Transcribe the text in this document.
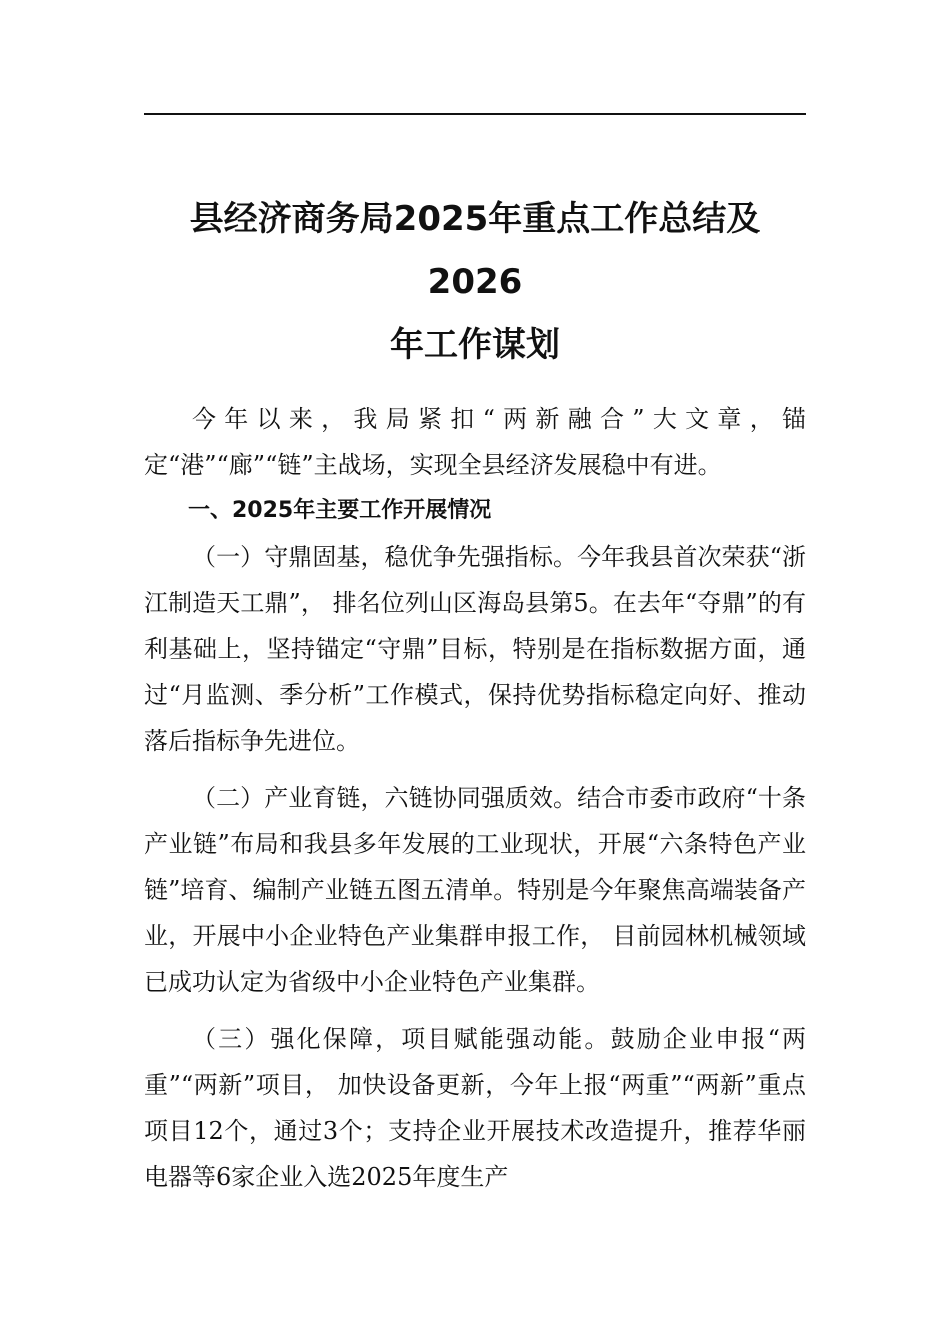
县经济商务局2025年重点工作总结及2026
年工作谋划

今年以来，我局紧扣“两新融合”大文章，锚定“港”“廊”“链”主战场，实现全县经济发展稳中有进。

一、2025年主要工作开展情况

（一）守鼎固基，稳优争先强指标。今年我县首次荣获“浙江制造天工鼎”， 排名位列山区海岛县第5。在去年“夺鼎”的有利基础上，坚持锚定“守鼎”目标，特别是在指标数据方面，通过“月监测、季分析”工作模式，保持优势指标稳定向好、推动落后指标争先进位。

（二）产业育链，六链协同强质效。结合市委市政府“十条产业链”布局和我县多年发展的工业现状，开展“六条特色产业链”培育、编制产业链五图五清单。特别是今年聚焦高端装备产业，开展中小企业特色产业集群申报工作， 目前园林机械领域已成功认定为省级中小企业特色产业集群。

（三）强化保障，项目赋能强动能。鼓励企业申报“两重”“两新”项目， 加快设备更新，今年上报“两重”“两新”重点项目12个，通过3个；支持企业开展技术改造提升，推荐华丽电器等6家企业入选2025年度生产
